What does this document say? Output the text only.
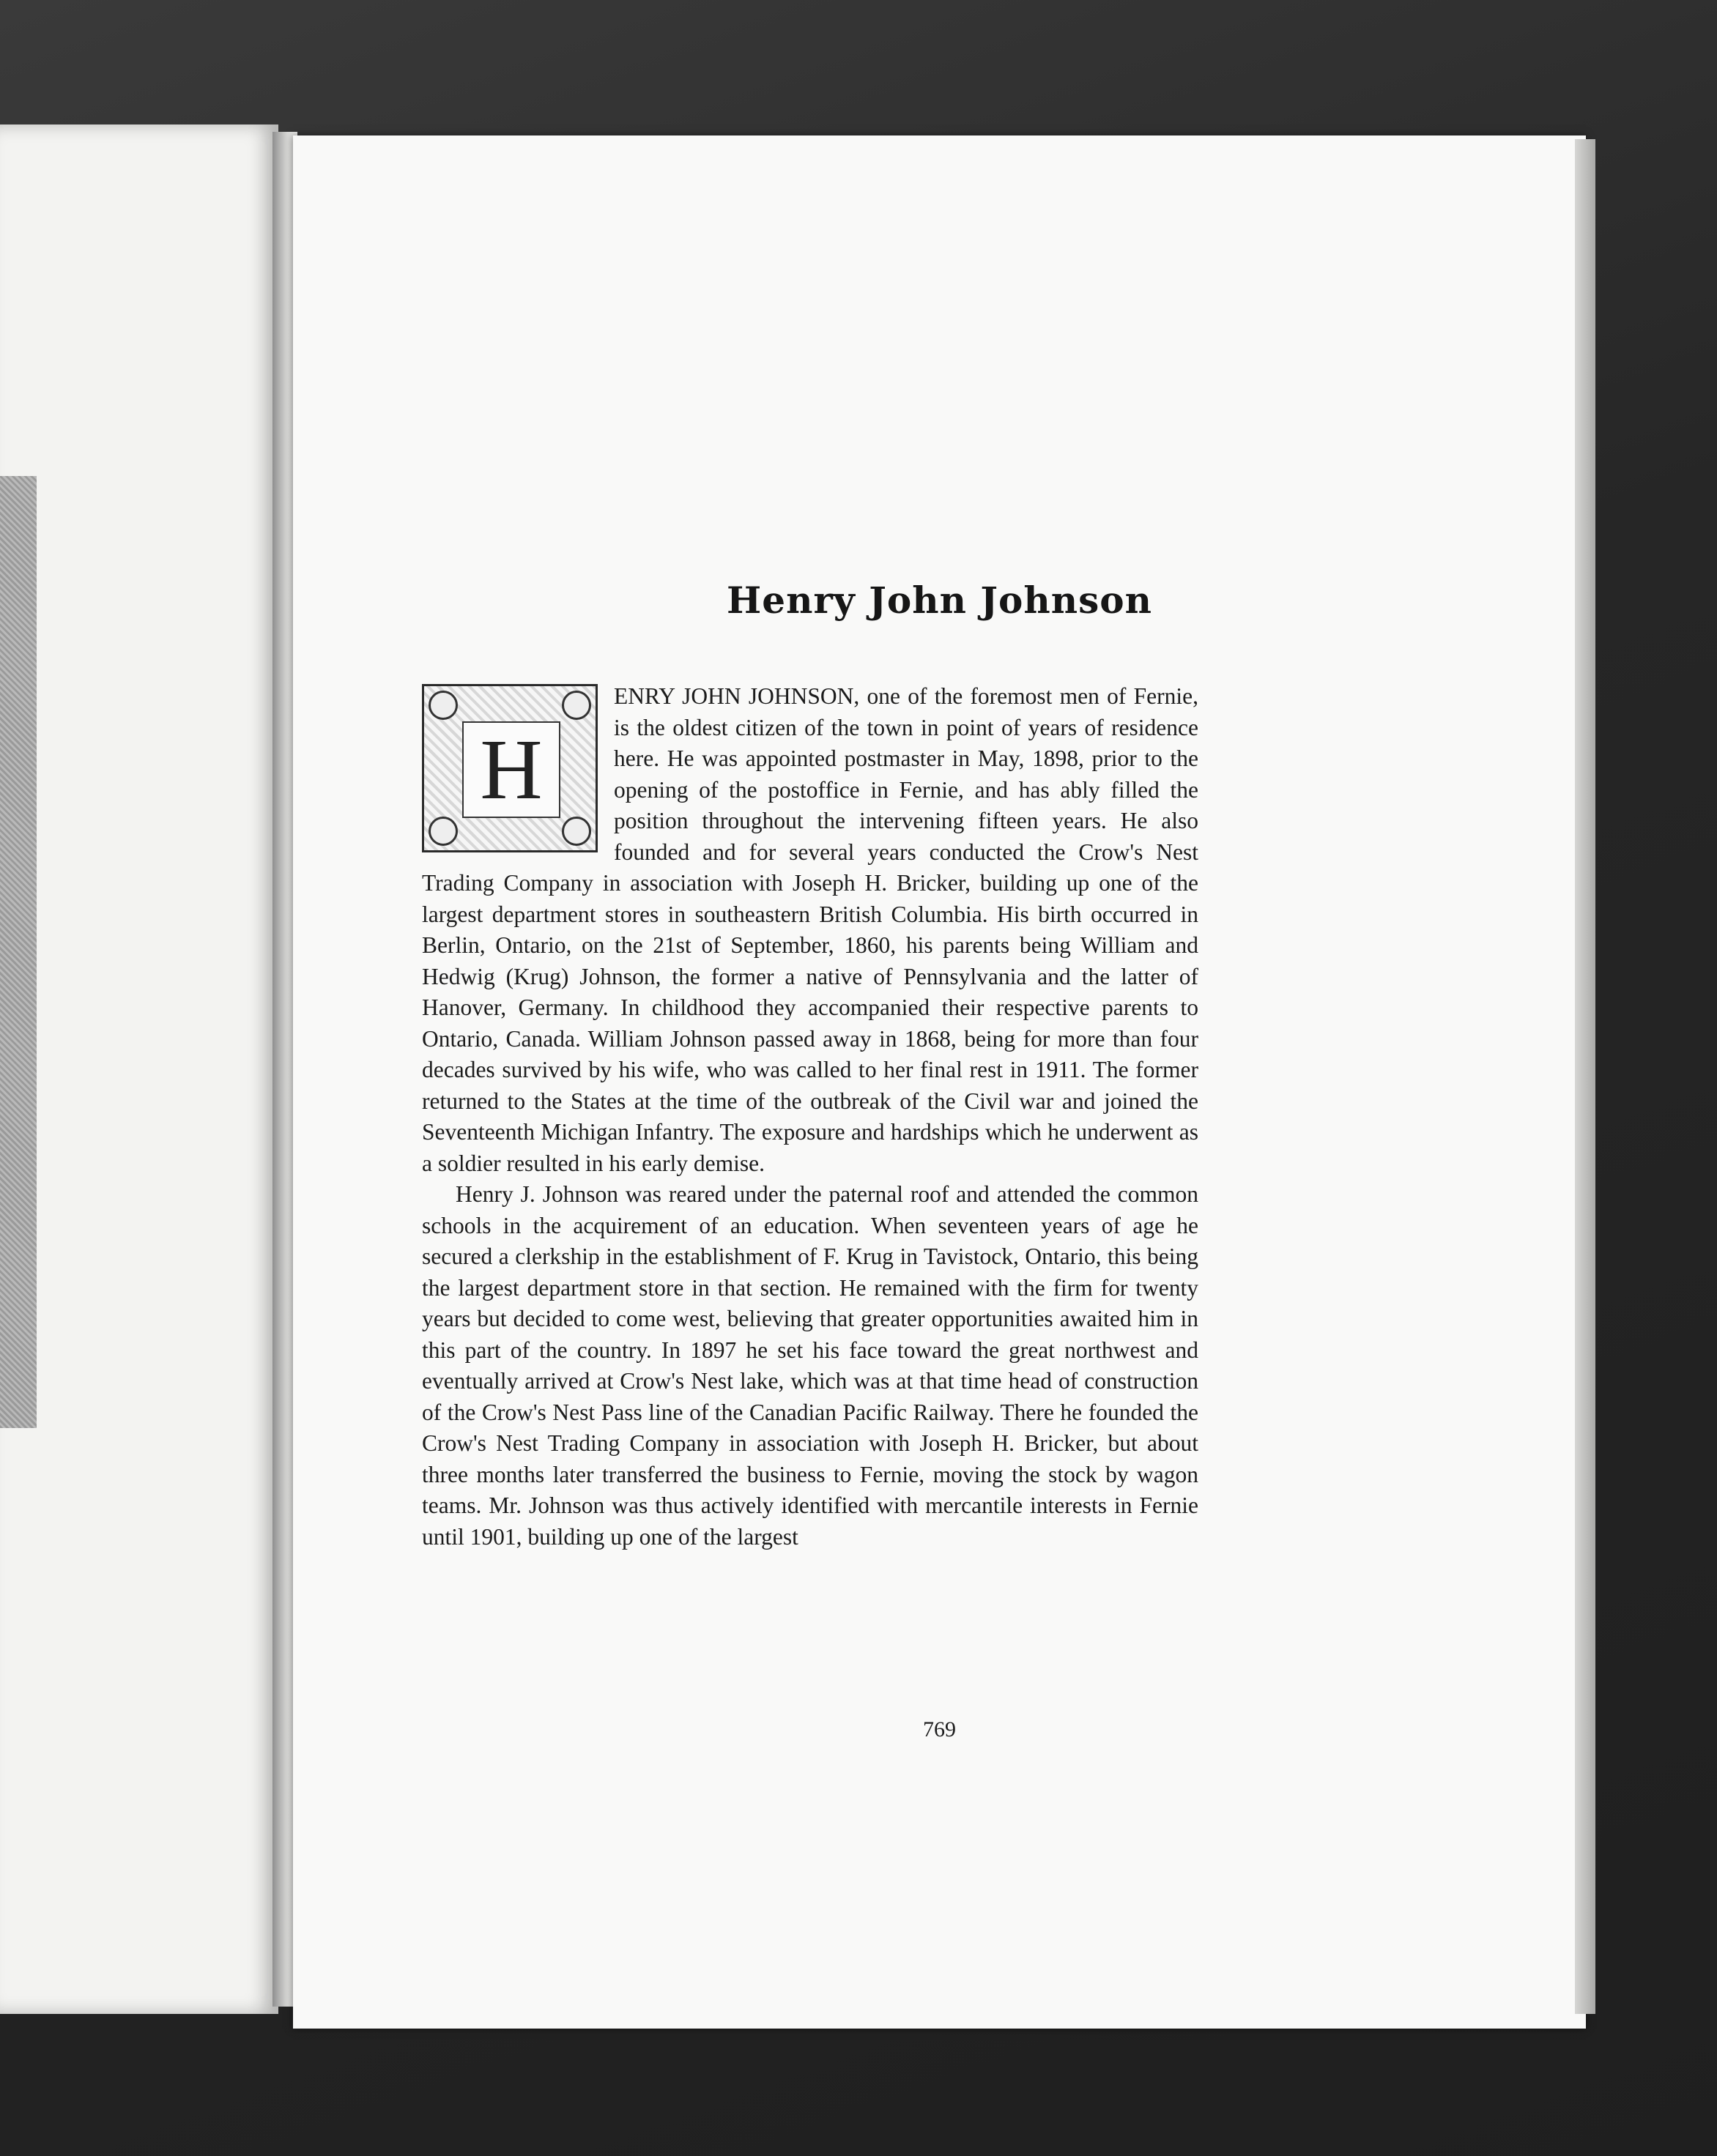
Henry John Johnson
H

ENRY JOHN JOHNSON, one of the foremost men of Fernie, is the oldest citizen of the town in point of years of residence here. He was appointed postmaster in May, 1898, prior to the opening of the postoffice in Fernie, and has ably filled the position throughout the intervening fifteen years. He also founded and for several years conducted the Crow's Nest Trading Company in association with Joseph H. Bricker, building up one of the largest department stores in southeastern British Columbia. His birth occurred in Berlin, Ontario, on the 21st of September, 1860, his parents being William and Hedwig (Krug) Johnson, the former a native of Pennsylvania and the latter of Hanover, Germany. In childhood they accompanied their respective parents to Ontario, Canada. William Johnson passed away in 1868, being for more than four decades survived by his wife, who was called to her final rest in 1911. The former returned to the States at the time of the outbreak of the Civil war and joined the Seventeenth Michigan Infantry. The exposure and hardships which he underwent as a soldier resulted in his early demise.

Henry J. Johnson was reared under the paternal roof and attended the common schools in the acquirement of an education. When seventeen years of age he secured a clerkship in the establishment of F. Krug in Tavistock, Ontario, this being the largest department store in that section. He remained with the firm for twenty years but decided to come west, believing that greater opportunities awaited him in this part of the country. In 1897 he set his face toward the great northwest and eventually arrived at Crow's Nest lake, which was at that time head of construction of the Crow's Nest Pass line of the Canadian Pacific Railway. There he founded the Crow's Nest Trading Company in association with Joseph H. Bricker, but about three months later transferred the business to Fernie, moving the stock by wagon teams. Mr. Johnson was thus actively identified with mercantile interests in Fernie until 1901, building up one of the largest

769
